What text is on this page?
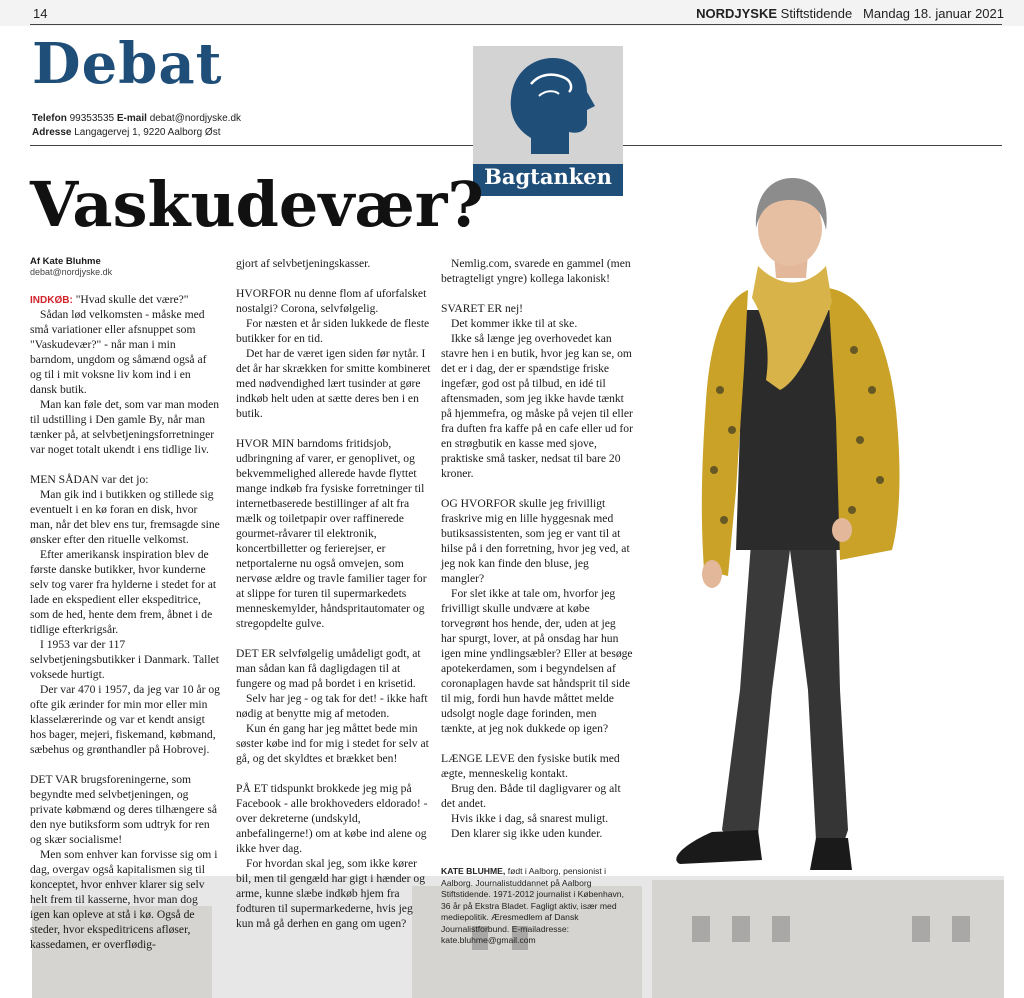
14	NORDJYSKE Stiftstidende Mandag 18. januar 2021
Debat
Telefon 99353535 E-mail debat@nordjyske.dk
Adresse Langagervej 1, 9220 Aalborg Øst
Bagtanken
Vaskudevær?
Af Kate Bluhme
debat@nordjyske.dk

INDKØB: "Hvad skulle det være?"

Sådan lød velkomsten - måske med små variationer eller afsnuppet som "Vaskudevær?" - når man i min barndom, ungdom og såmænd også af og til i mit voksne liv kom ind i en dansk butik.

Man kan føle det, som var man moden til udstilling i Den gamle By, når man tænker på, at selvbetjeningsforretninger var noget totalt ukendt i ens tidlige liv.

MEN SÅDAN var det jo:

Man gik ind i butikken og stillede sig eventuelt i en kø foran en disk, hvor man, når det blev ens tur, fremsagde sine ønsker efter den rituelle velkomst.

Efter amerikansk inspiration blev de første danske butikker, hvor kunderne selv tog varer fra hylderne i stedet for at lade en ekspedient eller ekspeditrice, som de hed, hente dem frem, åbnet i de tidlige efterkrigsår.

I 1953 var der 117 selvbetjeningsbutikker i Danmark. Tallet voksede hurtigt.

Der var 470 i 1957, da jeg var 10 år og ofte gik ærinder for min mor eller min klasselærerinde og var et kendt ansigt hos bager, mejeri, fiskemand, købmand, sæbehus og grønthandler på Hobrovej.

DET VAR brugsforeningerne, som begyndte med selvbetjeningen, og private købmænd og deres tilhængere så den nye butiksform som udtryk for ren og skær socialisme!

Men som enhver kan forvisse sig om i dag, overgav også kapitalismen sig til konceptet, hvor enhver klarer sig selv helt frem til kasserne, hvor man dog igen kan opleve at stå i kø. Også de steder, hvor ekspeditricens afløser, kassedamen, er overflødig-

gjort af selvbetjeningskasser.

HVORFOR nu denne flom af uforfalsket nostalgi? Corona, selvfølgelig.

For næsten et år siden lukkede de fleste butikker for en tid.

Det har de været igen siden før nytår. I det år har skrækken for smitte kombineret med nødvendighed lært tusinder at gøre indkøb helt uden at sætte deres ben i en butik.

HVOR MIN barndoms fritidsjob, udbringning af varer, er genoplivet, og bekvemmelighed allerede havde flyttet mange indkøb fra fysiske forretninger til internetbaserede bestillinger af alt fra mælk og toiletpapir over raffinerede gourmet-råvarer til elektronik, koncertbilletter og ferierejser, er netportalerne nu også omvejen, som nervøse ældre og travle familier tager for at slippe for turen til supermarkedets menneskemylder, håndspritautomater og stregopdelte gulve.

DET ER selvfølgelig umådeligt godt, at man sådan kan få dagligdagen til at fungere og mad på bordet i en krisetid.

Selv har jeg - og tak for det! - ikke haft nødig at benytte mig af metoden.

Kun én gang har jeg måttet bede min søster købe ind for mig i stedet for selv at gå, og det skyldtes et brækket ben!

PÅ ET tidspunkt brokkede jeg mig på Facebook - alle brokhoveders eldorado! - over dekreterne (undskyld, anbefalingerne!) om at købe ind alene og ikke hver dag.

For hvordan skal jeg, som ikke kører bil, men til gengæld har gigt i hænder og arme, kunne slæbe indkøb hjem fra fodturen til supermarkederne, hvis jeg kun må gå derhen en gang om ugen?

Nemlig.com, svarede en gammel (men betragteligt yngre) kollega lakonisk!

SVARET ER nej!

Det kommer ikke til at ske.

Ikke så længe jeg overhovedet kan stavre hen i en butik, hvor jeg kan se, om det er i dag, der er spændstige friske ingefær, god ost på tilbud, en idé til aftensmaden, som jeg ikke havde tænkt på hjemmefra, og måske på vejen til eller fra duften fra kaffe på en cafe eller ud for en strøgbutik en kasse med sjove, praktiske små tasker, nedsat til bare 20 kroner.

OG HVORFOR skulle jeg frivilligt fraskrive mig en lille hyggesnak med butiksassistenten, som jeg er vant til at hilse på i den forretning, hvor jeg ved, at jeg nok kan finde den bluse, jeg mangler?

For slet ikke at tale om, hvorfor jeg frivilligt skulle undvære at købe torvegrønt hos hende, der, uden at jeg har spurgt, lover, at på onsdag har hun igen mine yndlingsæbler? Eller at besøge apotekerdamen, som i begyndelsen af coronaplagen havde sat håndsprit til side til mig, fordi hun havde måttet melde udsolgt nogle dage forinden, men tænkte, at jeg nok dukkede op igen?

LÆNGE LEVE den fysiske butik med ægte, menneskelig kontakt.

Brug den. Både til dagligvarer og alt det andet.

Hvis ikke i dag, så snarest muligt.

Den klarer sig ikke uden kunder.

KATE BLUHME, født i Aalborg, pensionist i Aalborg. Journalistuddannet på Aalborg Stiftstidende. 1971-2012 journalist i København, 36 år på Ekstra Bladet. Fagligt aktiv, især med mediepolitik. Æresmedlem af Dansk Journalistforbund. E-mailadresse: kate.bluhme@gmail.com
